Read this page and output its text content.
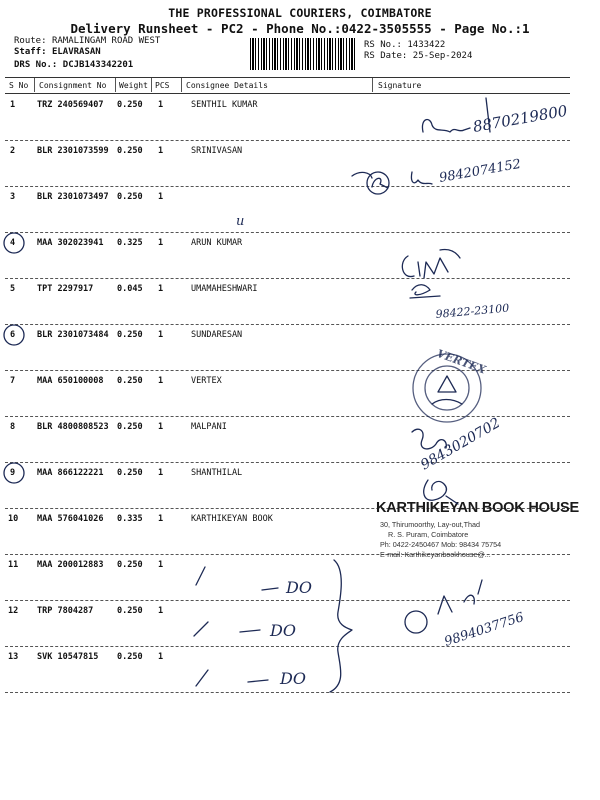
THE PROFESSIONAL COURIERS, COIMBATORE
Delivery Runsheet - PC2 - Phone No.:0422-3505555 - Page No.:1
Route: RAMALINGAM ROAD WEST
Staff: ELAVRASAN
DRS No.: DCJB143342201
RS No.: 1433422
RS Date: 25-Sep-2024
S No Consignment No Weight PCS Consignee Details	Signature
1	TRZ 240569407 0.250 1	SENTHIL KUMAR
2	BLR 2301073599 0.250 1	SRINIVASAN
3	BLR 2301073497 0.250 1
4	MAA 302023941 0.325 1	ARUN KUMAR
5	TPT 2297917	0.045 1	UMAMAHESHWARI
6	BLR 2301073484 0.250 1	SUNDARESAN
7	MAA 650100008 0.250 1	VERTEX
8	BLR 4800808523 0.250 1	MALPANI
9	MAA 866122221 0.250 1	SHANTHILAL
10 MAA 576041026 0.335 1	KARTHIKEYAN BOOK
11 MAA 200012883 0.250 1
12 TRP 7804287	0.250 1
13 SVK 10547815 0.250 1
KARTHIKEYAN BOOK HOUSE
30, Thirumoorthy, Lay-out,Thad
R. S. Puram, Coimbatore
Ph: 0422-2450467 Mob: 98434 75754
E-mail: Karthikeyanbookhouse@...
8870219800
9842074152
u
98422-23100
VERTEX
9843020702
DO
DO
DO
9894037756
